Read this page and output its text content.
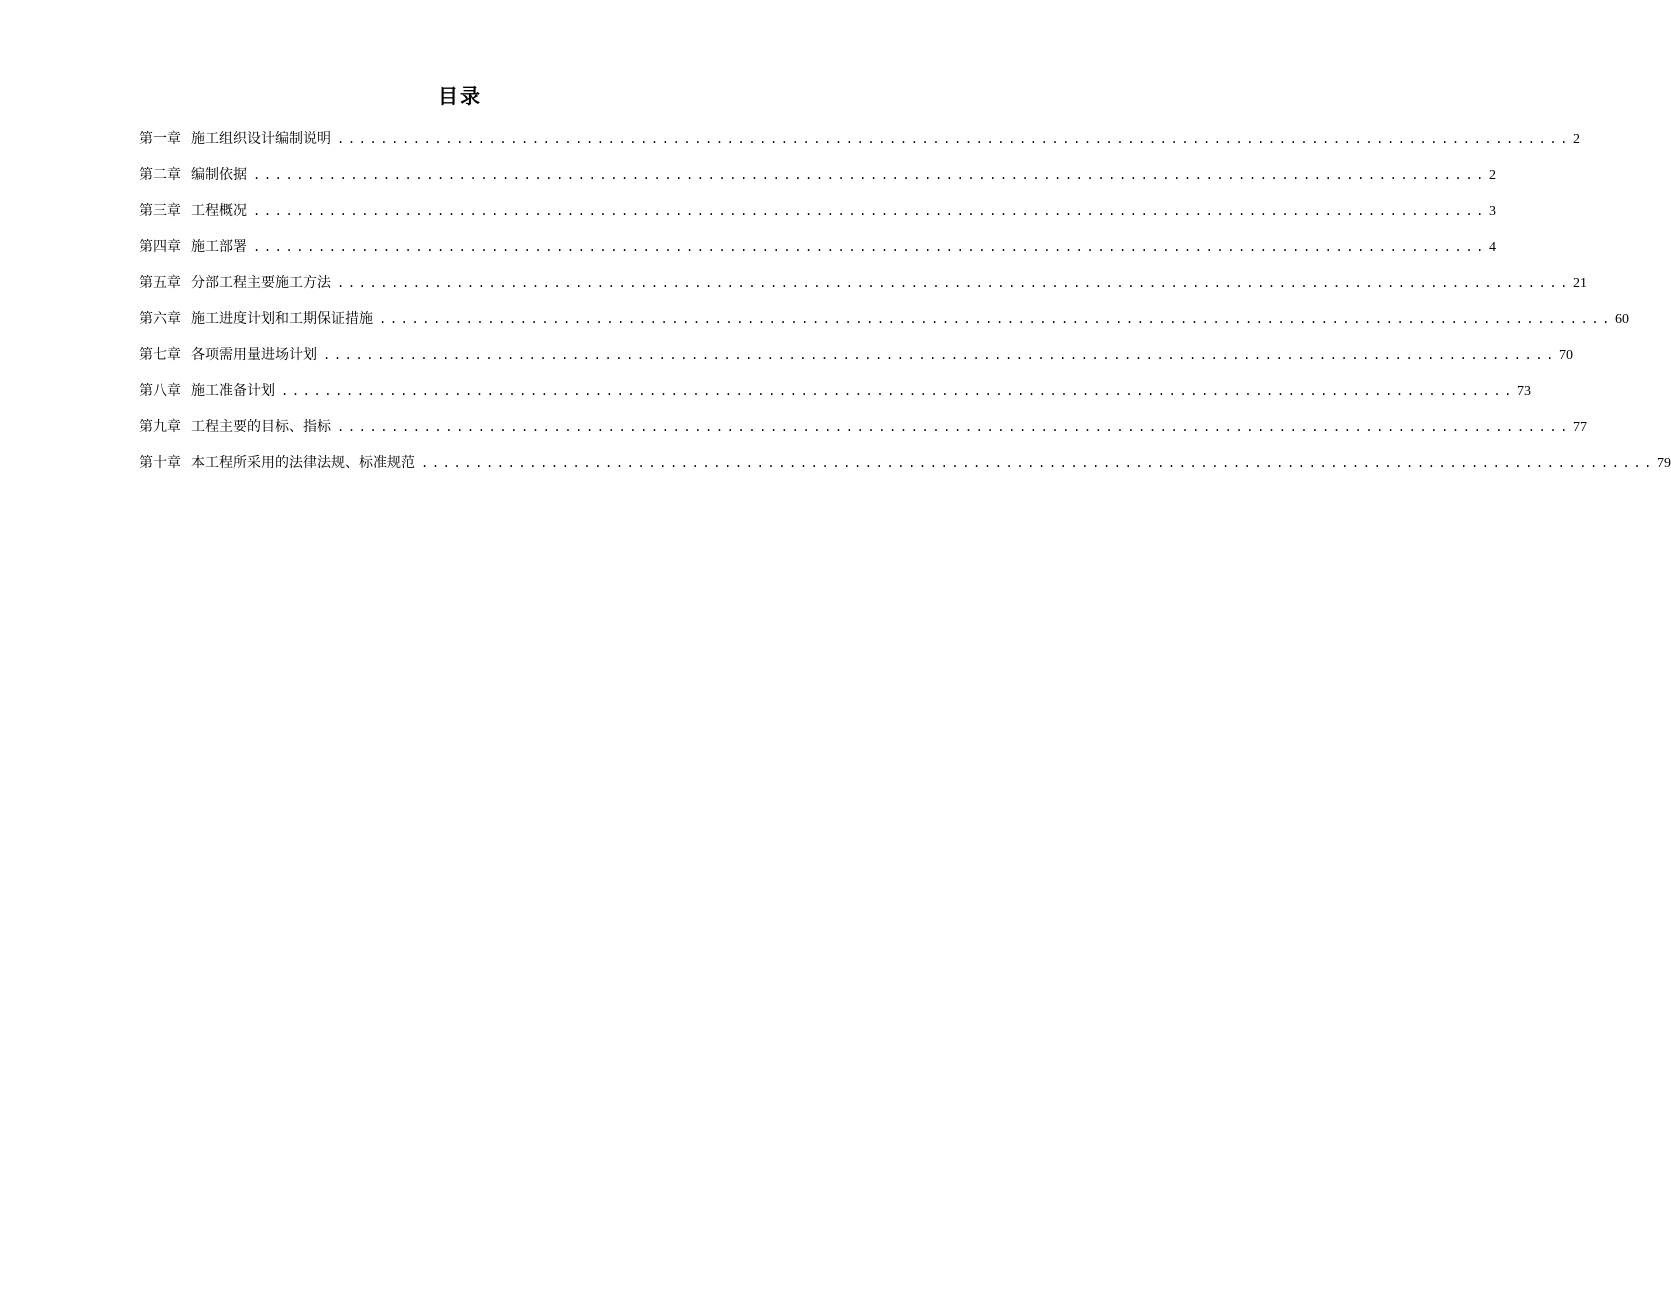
目录
第一章 施工组织设计编制说明 .................................................................................................................. 2
第二章 编制依据 .................................................................................................................. 2
第三章 工程概况 .................................................................................................................. 3
第四章 施工部署 .................................................................................................................. 4
第五章 分部工程主要施工方法 .................................................................................................................. 21
第六章 施工进度计划和工期保证措施 .................................................................................................................. 60
第七章 各项需用量进场计划 .................................................................................................................. 70
第八章 施工准备计划 .................................................................................................................. 73
第九章 工程主要的目标、指标 .................................................................................................................. 77
第十章 本工程所采用的法律法规、标准规范 .................................................................................................................. 79
